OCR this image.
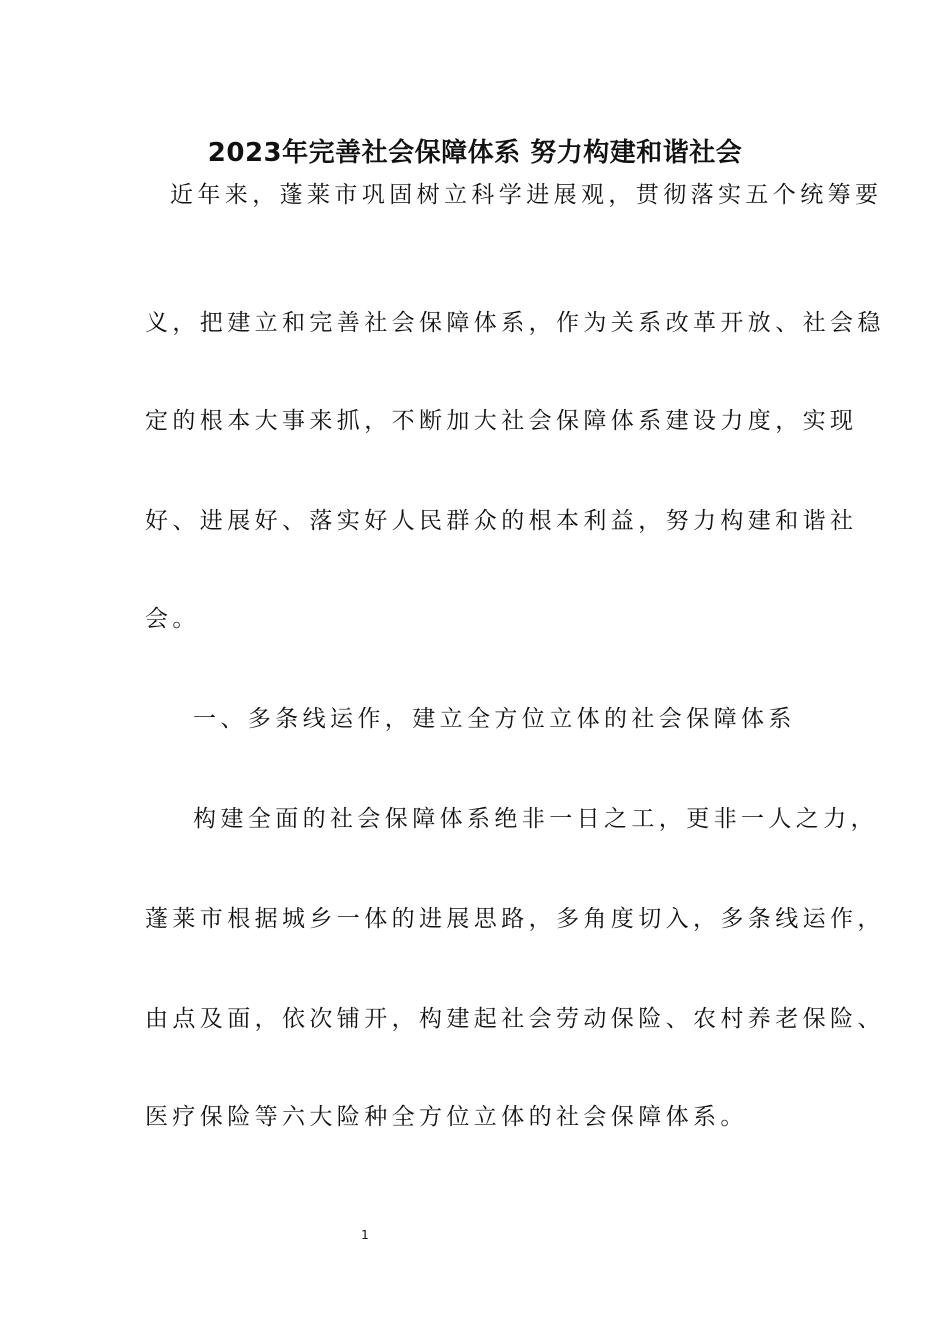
2023年完善社会保障体系 努力构建和谐社会
近年来，蓬莱市巩固树立科学进展观，贯彻落实五个统筹要
义，把建立和完善社会保障体系，作为关系改革开放、社会稳
定的根本大事来抓，不断加大社会保障体系建设力度，实现
好、进展好、落实好人民群众的根本利益，努力构建和谐社
会。
一、多条线运作，建立全方位立体的社会保障体系
构建全面的社会保障体系绝非一日之工，更非一人之力，
蓬莱市根据城乡一体的进展思路，多角度切入，多条线运作，
由点及面，依次铺开，构建起社会劳动保险、农村养老保险、
医疗保险等六大险种全方位立体的社会保障体系。
1
